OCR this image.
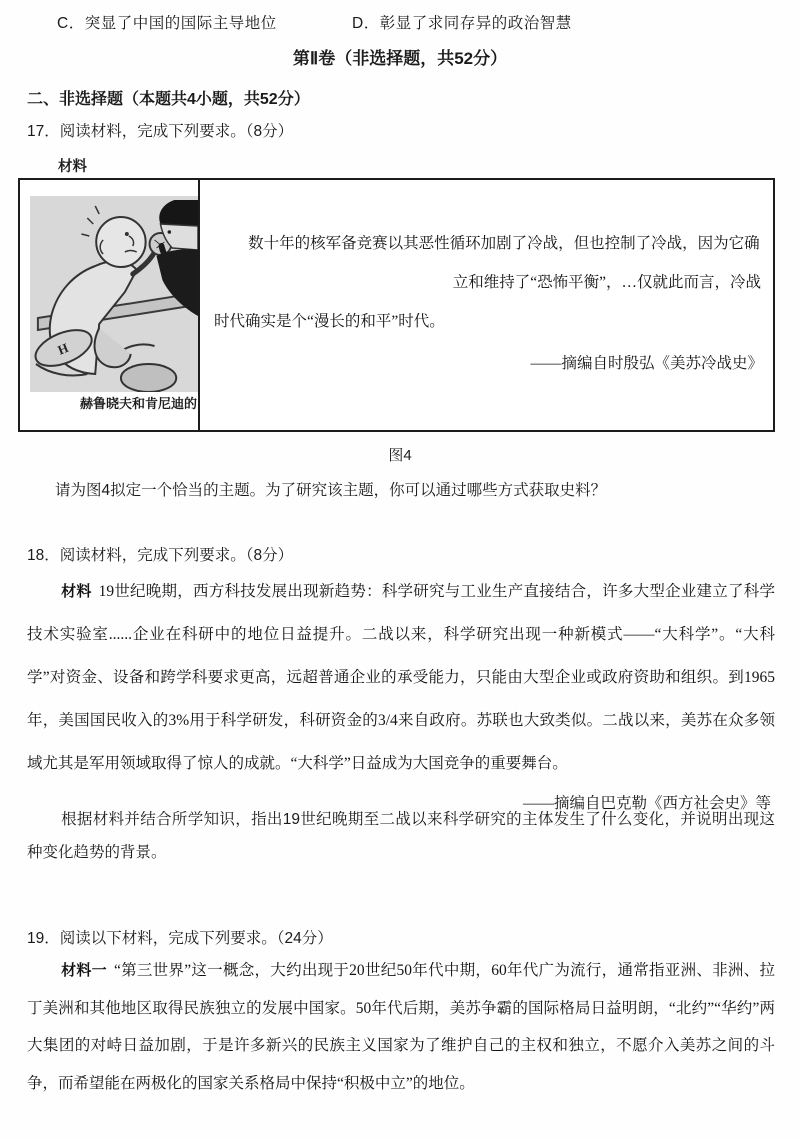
C．突显了中国的国际主导地位	D．彰显了求同存异的政治智慧
第Ⅱ卷（非选择题，共52分）
二、非选择题（本题共4小题，共52分）
17．阅读材料，完成下列要求。（8分）
材料
H
赫鲁晓夫和肯尼迪的
数十年的核军备竞赛以其恶性循环加剧了冷战，但也控制了冷战，因为它确
立和维持了“恐怖平衡”，…仅就此而言，冷战
时代确实是个“漫长的和平”时代。
——摘编自时殷弘《美苏冷战史》
图4
请为图4拟定一个恰当的主题。为了研究该主题，你可以通过哪些方式获取史料？
18．阅读材料，完成下列要求。（8分）

材料 19世纪晚期，西方科技发展出现新趋势：科学研究与工业生产直接结合，许多大型企业建立了科学技术实验室......企业在科研中的地位日益提升。二战以来，科学研究出现一种新模式——“大科学”。“大科学”对资金、设备和跨学科要求更高，远超普通企业的承受能力，只能由大型企业或政府资助和组织。到1965年，美国国民收入的3%用于科学研发，科研资金的3/4来自政府。苏联也大致类似。二战以来，美苏在众多领域尤其是军用领域取得了惊人的成就。“大科学”日益成为大国竞争的重要舞台。

——摘编自巴克勒《西方社会史》等
根据材料并结合所学知识，指出19世纪晚期至二战以来科学研究的主体发生了什么变化，并说明出现这种变化趋势的背景。
19．阅读以下材料，完成下列要求。（24分）

材料一 “第三世界”这一概念，大约出现于20世纪50年代中期，60年代广为流行，通常指亚洲、非洲、拉丁美洲和其他地区取得民族独立的发展中国家。50年代后期，美苏争霸的国际格局日益明朗，“北约”“华约”两大集团的对峙日益加剧，于是许多新兴的民族主义国家为了维护自己的主权和独立，不愿介入美苏之间的斗争，而希望能在两极化的国家关系格局中保持“积极中立”的地位。
